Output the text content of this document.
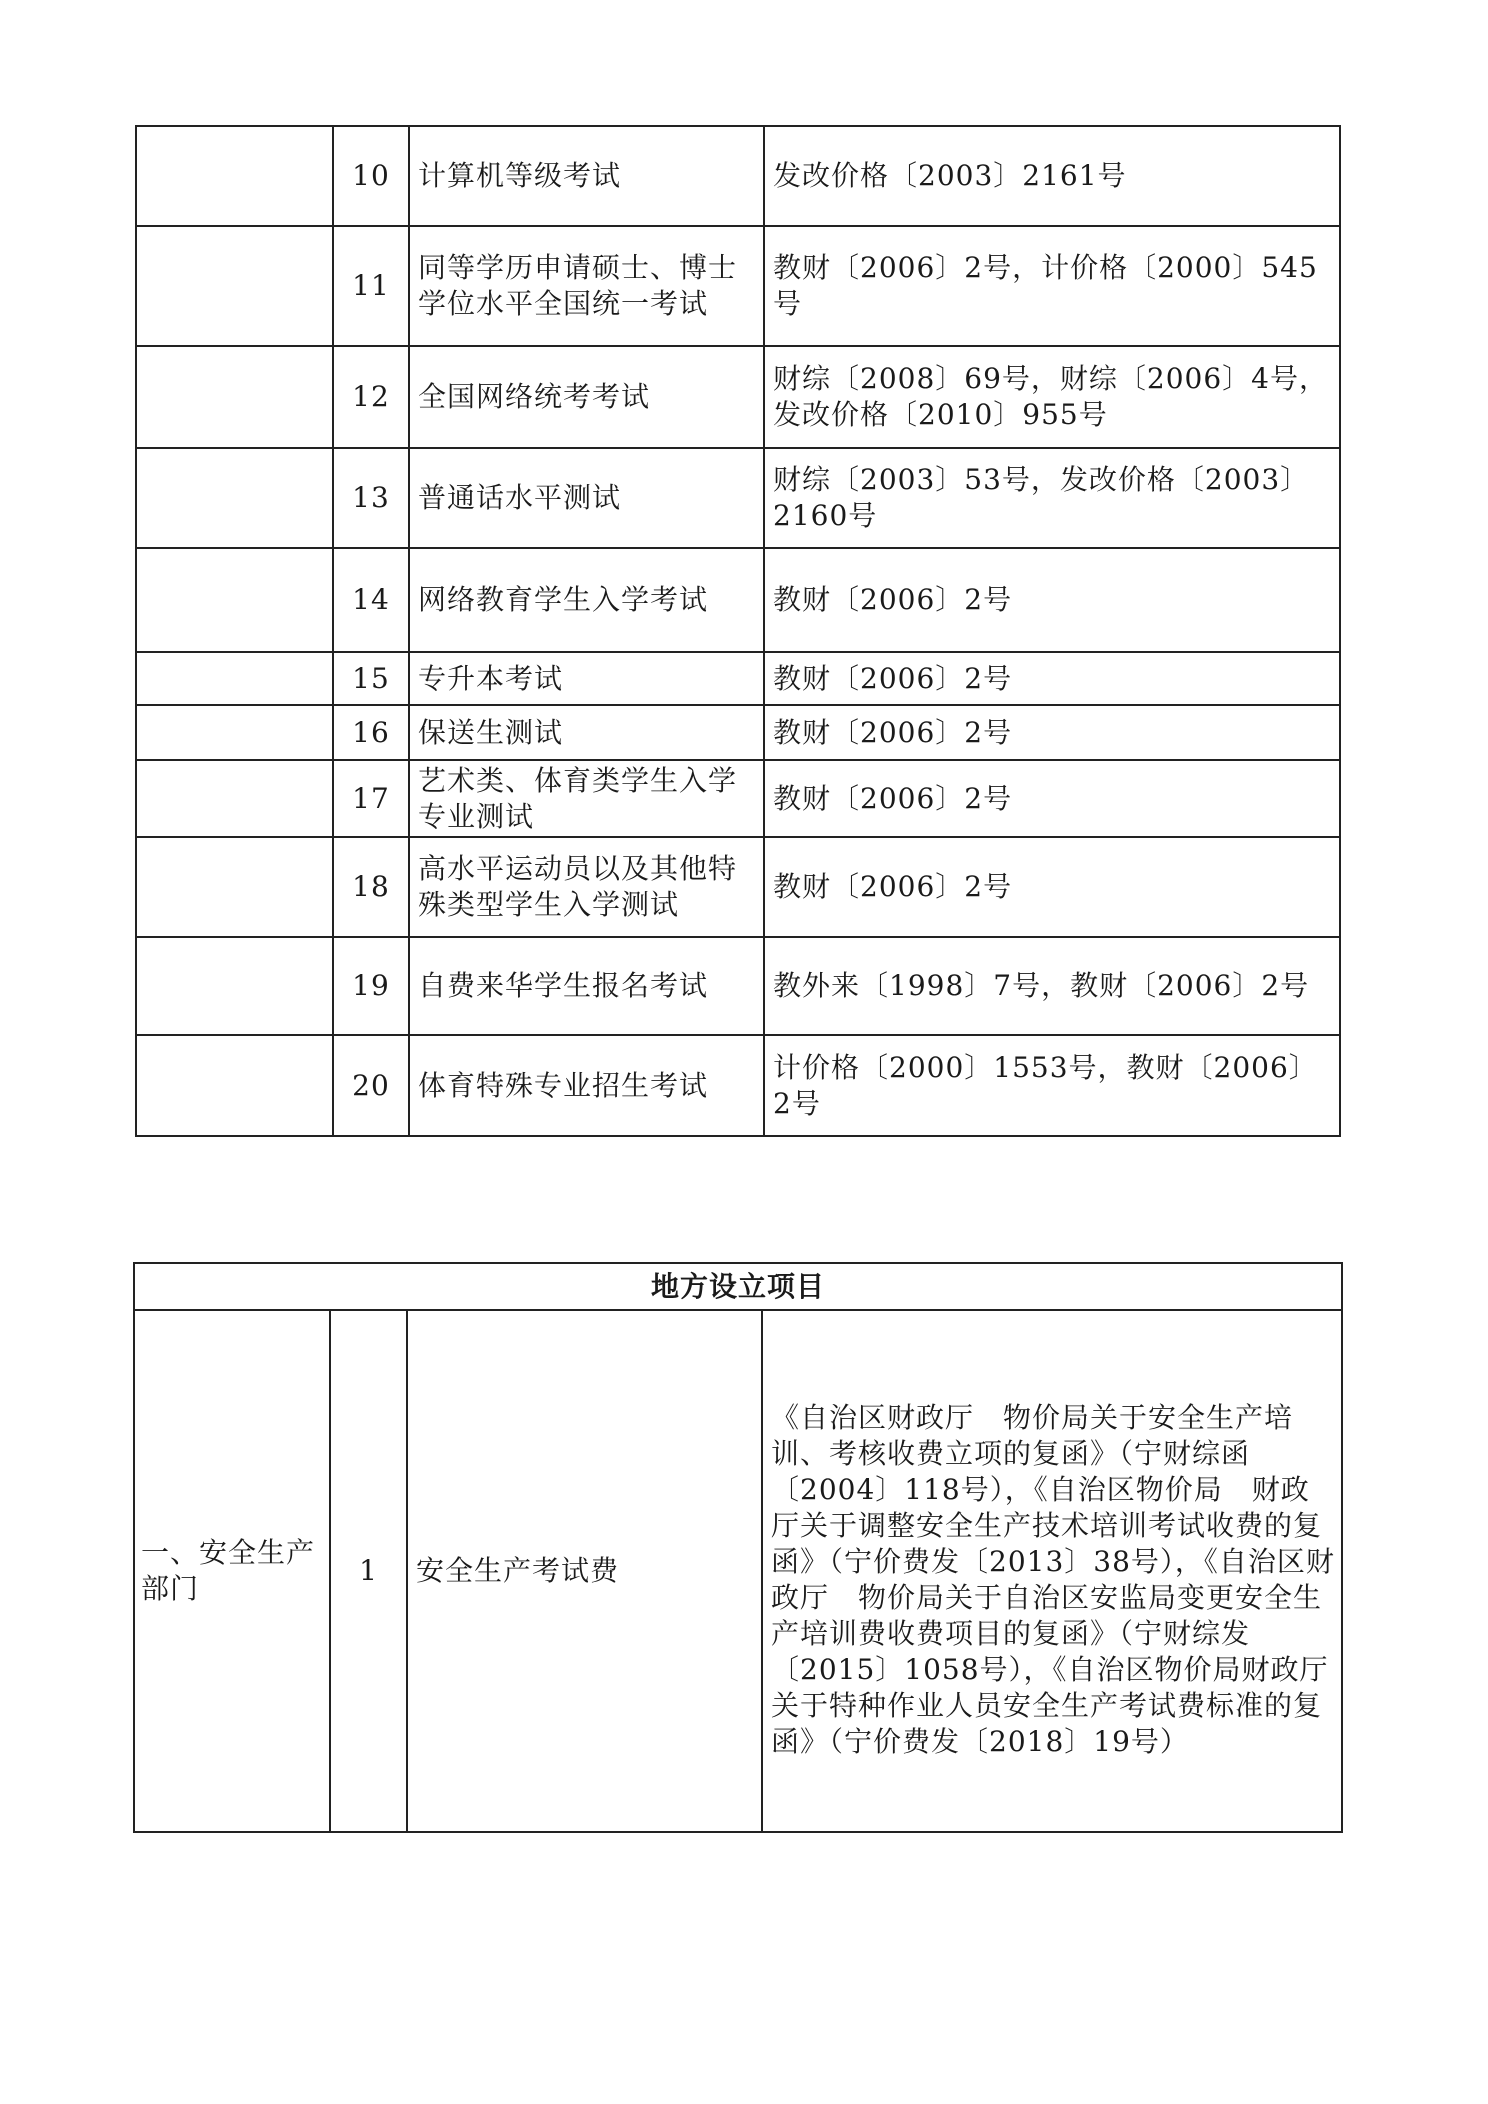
	10	计算机等级考试	发改价格〔2003〕2161号
	11	同等学历申请硕士、博士学位水平全国统一考试	教财〔2006〕2号，计价格〔2000〕545号
	12	全国网络统考考试	财综〔2008〕69号，财综〔2006〕4号，发改价格〔2010〕955号
	13	普通话水平测试	财综〔2003〕53号，发改价格〔2003〕2160号
	14	网络教育学生入学考试	教财〔2006〕2号
	15	专升本考试	教财〔2006〕2号
	16	保送生测试	教财〔2006〕2号
	17	艺术类、体育类学生入学专业测试	教财〔2006〕2号
	18	高水平运动员以及其他特殊类型学生入学测试	教财〔2006〕2号
	19	自费来华学生报名考试	教外来〔1998〕7号，教财〔2006〕2号
	20	体育特殊专业招生考试	计价格〔2000〕1553号，教财〔2006〕2号
地方设立项目
一、安全生产部门	1	安全生产考试费	《自治区财政厅　物价局关于安全生产培训、考核收费立项的复函》（宁财综函〔2004〕118号），《自治区物价局　财政厅关于调整安全生产技术培训考试收费的复函》（宁价费发〔2013〕38号），《自治区财政厅　物价局关于自治区安监局变更安全生产培训费收费项目的复函》（宁财综发〔2015〕1058号），《自治区物价局财政厅关于特种作业人员安全生产考试费标准的复函》（宁价费发〔2018〕19号）
